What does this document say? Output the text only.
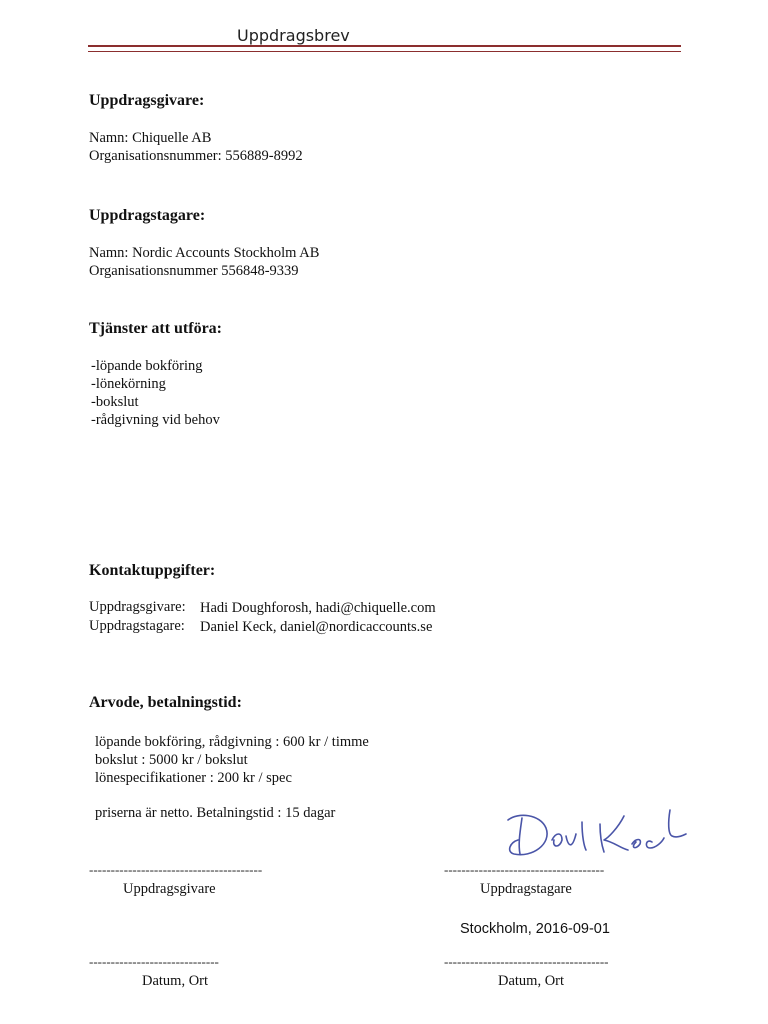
Uppdragsbrev
Uppdragsgivare:
Namn: Chiquelle AB
Organisationsnummer: 556889-8992
Uppdragstagare:
Namn: Nordic Accounts Stockholm AB
Organisationsnummer 556848-9339
Tjänster att utföra:
-löpande bokföring
-lönekörning
-bokslut
-rådgivning vid behov
Kontaktuppgifter:
Uppdragsgivare: Hadi Doughforosh, hadi@chiquelle.com
Uppdragstagare: Daniel Keck, daniel@nordicaccounts.se
Arvode, betalningstid:
löpande bokföring, rådgivning : 600 kr / timme
bokslut : 5000 kr / bokslut
lönespecifikationer : 200 kr / spec
priserna är netto. Betalningstid : 15 dagar
----------------------------------------	-------------------------------------
Uppdragsgivare	Uppdragstagare
Stockholm, 2016-09-01
------------------------------	--------------------------------------
Datum, Ort	Datum, Ort
